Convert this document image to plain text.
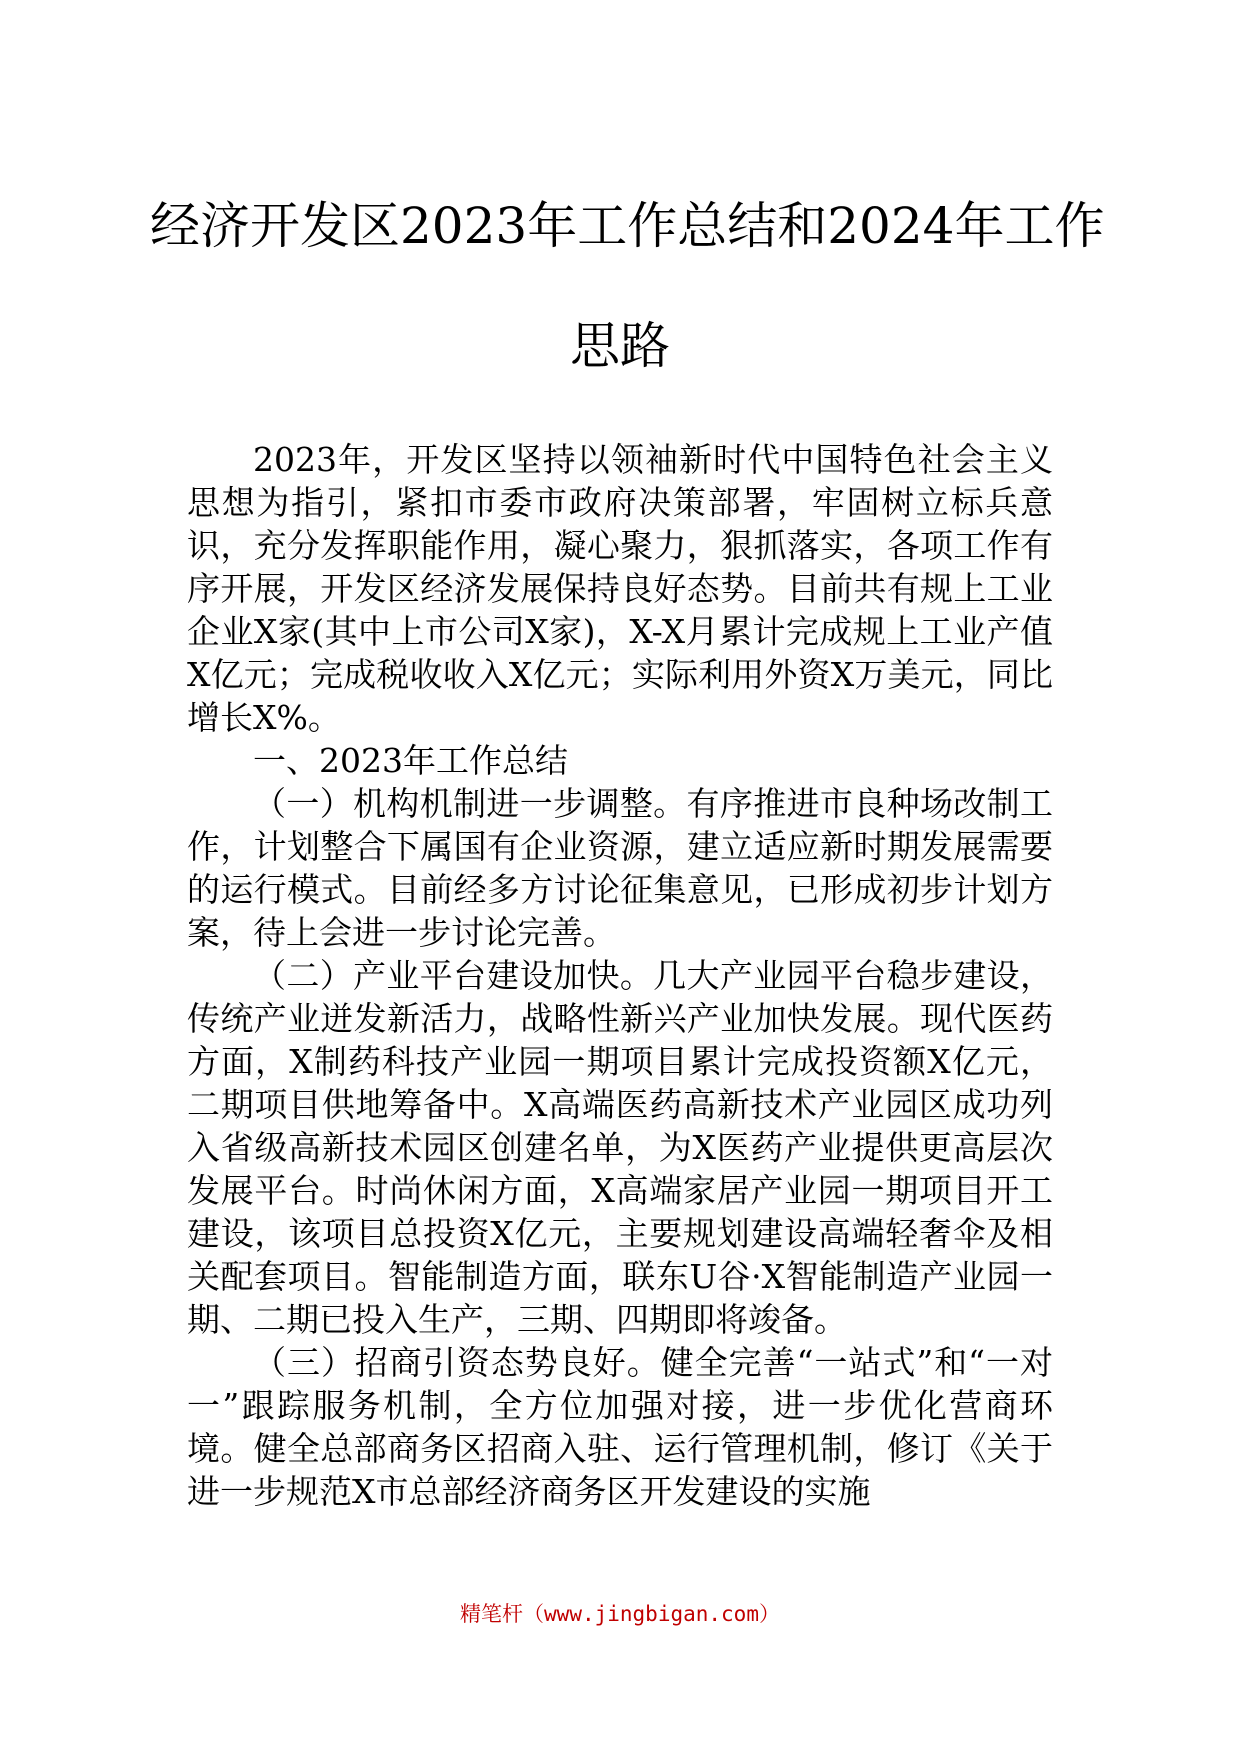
经济开发区2023年工作总结和2024年工作
思路

2023年，开发区坚持以领袖新时代中国特色社会主义思想为指引，紧扣市委市政府决策部署，牢固树立标兵意识，充分发挥职能作用，凝心聚力，狠抓落实，各项工作有序开展，开发区经济发展保持良好态势。目前共有规上工业企业X家(其中上市公司X家)，X-X月累计完成规上工业产值X亿元；完成税收收入X亿元；实际利用外资X万美元，同比增长X%。

一、2023年工作总结

（一）机构机制进一步调整。有序推进市良种场改制工作，计划整合下属国有企业资源，建立适应新时期发展需要的运行模式。目前经多方讨论征集意见，已形成初步计划方案，待上会进一步讨论完善。

（二）产业平台建设加快。几大产业园平台稳步建设，传统产业迸发新活力，战略性新兴产业加快发展。现代医药方面，X制药科技产业园一期项目累计完成投资额X亿元，二期项目供地筹备中。X高端医药高新技术产业园区成功列入省级高新技术园区创建名单，为X医药产业提供更高层次发展平台。时尚休闲方面，X高端家居产业园一期项目开工建设，该项目总投资X亿元，主要规划建设高端轻奢伞及相关配套项目。智能制造方面，联东U谷·X智能制造产业园一期、二期已投入生产，三期、四期即将竣备。

（三）招商引资态势良好。健全完善“一站式”和“一对一”跟踪服务机制，全方位加强对接，进一步优化营商环境。健全总部商务区招商入驻、运行管理机制，修订《关于进一步规范X市总部经济商务区开发建设的实施

精笔杆（www.jingbigan.com）
